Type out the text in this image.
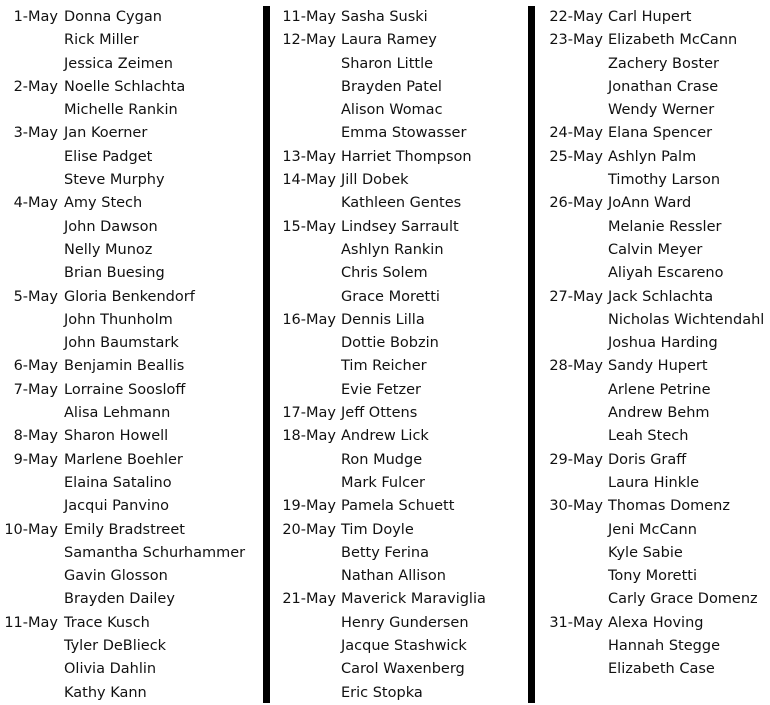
1-May Donna Cygan
Rick Miller
Jessica Zeimen
2-May Noelle Schlachta
Michelle Rankin
3-May Jan Koerner
Elise Padget
Steve Murphy
4-May Amy Stech
John Dawson
Nelly Munoz
Brian Buesing
5-May Gloria Benkendorf
John Thunholm
John Baumstark
6-May Benjamin Beallis
7-May Lorraine Soosloff
Alisa Lehmann
8-May Sharon Howell
9-May Marlene Boehler
Elaina Satalino
Jacqui Panvino
10-May Emily Bradstreet
Samantha Schurhammer
Gavin Glosson
Brayden Dailey
11-May Trace Kusch
Tyler DeBlieck
Olivia Dahlin
Kathy Kann
11-May Sasha Suski
12-May Laura Ramey
Sharon Little
Brayden Patel
Alison Womac
Emma Stowasser
13-May Harriet Thompson
14-May Jill Dobek
Kathleen Gentes
15-May Lindsey Sarrault
Ashlyn Rankin
Chris Solem
Grace Moretti
16-May Dennis Lilla
Dottie Bobzin
Tim Reicher
Evie Fetzer
17-May Jeff Ottens
18-May Andrew Lick
Ron Mudge
Mark Fulcer
19-May Pamela Schuett
20-May Tim Doyle
Betty Ferina
Nathan Allison
21-May Maverick Maraviglia
Henry Gundersen
Jacque Stashwick
Carol Waxenberg
Eric Stopka
22-May Carl Hupert
23-May Elizabeth McCann
Zachery Boster
Jonathan Crase
Wendy Werner
24-May Elana Spencer
25-May Ashlyn Palm
Timothy Larson
26-May JoAnn Ward
Melanie Ressler
Calvin Meyer
Aliyah Escareno
27-May Jack Schlachta
Nicholas Wichtendahl
Joshua Harding
28-May Sandy Hupert
Arlene Petrine
Andrew Behm
Leah Stech
29-May Doris Graff
Laura Hinkle
30-May Thomas Domenz
Jeni McCann
Kyle Sabie
Tony Moretti
Carly Grace Domenz
31-May Alexa Hoving
Hannah Stegge
Elizabeth Case
